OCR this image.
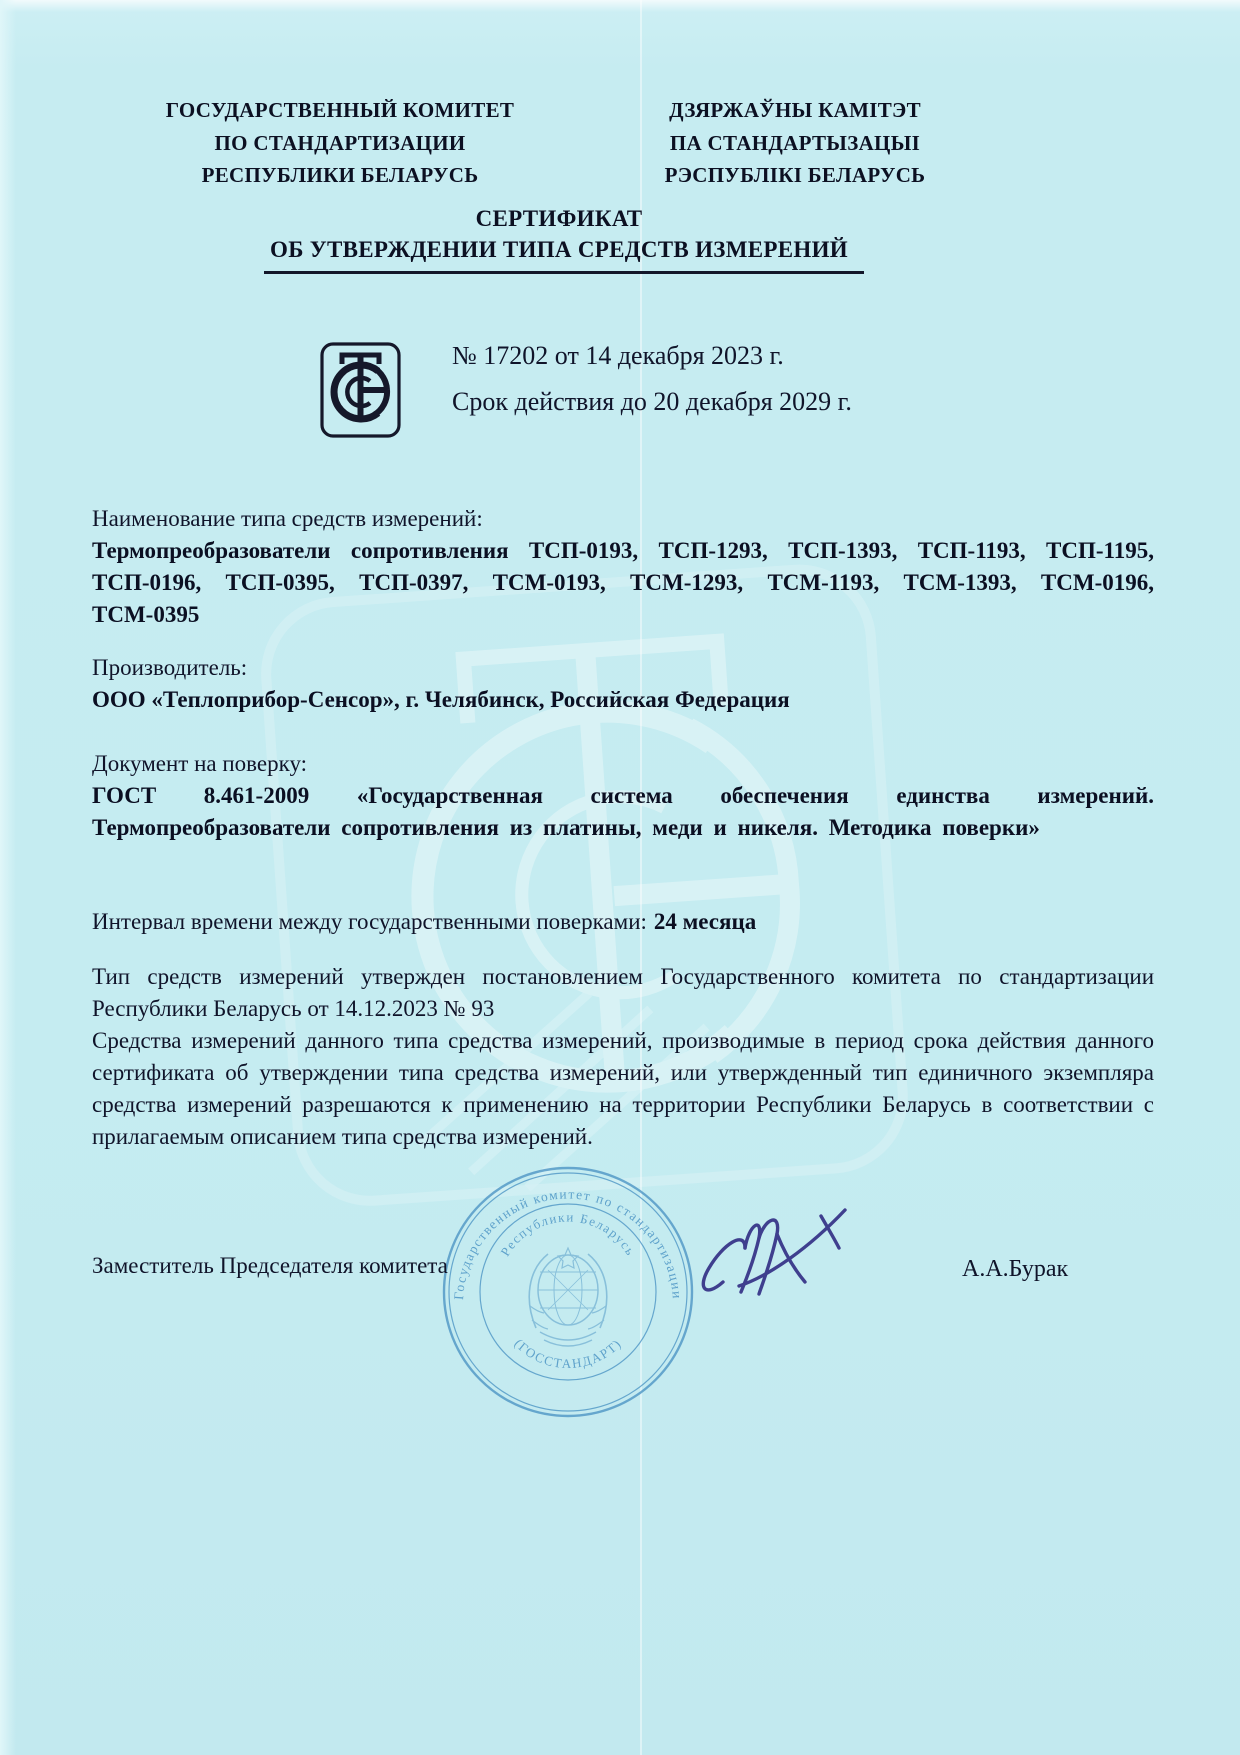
ГОСУДАРСТВЕННЫЙ КОМИТЕТ
ПО СТАНДАРТИЗАЦИИ
РЕСПУБЛИКИ БЕЛАРУСЬ
ДЗЯРЖАЎНЫ КАМІТЭТ
ПА СТАНДАРТЫЗАЦЫІ
РЭСПУБЛІКІ БЕЛАРУСЬ
СЕРТИФИКАТ
ОБ УТВЕРЖДЕНИИ ТИПА СРЕДСТВ ИЗМЕРЕНИЙ
№ 17202 от 14 декабря 2023 г.
Срок действия до 20 декабря 2029 г.
Наименование типа средств измерений:
Термопреобразователи сопротивления ТСП-0193, ТСП-1293, ТСП-1393, ТСП-1193, ТСП-1195, ТСП-0196, ТСП-0395, ТСП-0397, ТСМ-0193, ТСМ-1293, ТСМ-1193, ТСМ-1393, ТСМ-0196, ТСМ-0395
Производитель:
ООО «Теплоприбор-Сенсор», г. Челябинск, Российская Федерация
Документ на поверку:
ГОСТ 8.461-2009 «Государственная система обеспечения единства измерений. Термопреобразователи сопротивления из платины, меди и никеля. Методика поверки»
Интервал времени между государственными поверками: 24 месяца

Тип средств измерений утвержден постановлением Государственного комитета по стандартизации Республики Беларусь от 14.12.2023 № 93

Средства измерений данного типа средства измерений, производимые в период срока действия данного сертификата об утверждении типа средства измерений, или утвержденный тип единичного экземпляра средства измерений разрешаются к применению на территории Республики Беларусь в соответствии с прилагаемым описанием типа средства измерений.

Заместитель Председателя комитета	А.А.Бурак
Государственный комитет по стандартизации
Республики Беларусь
(ГОССТАНДАРТ)
